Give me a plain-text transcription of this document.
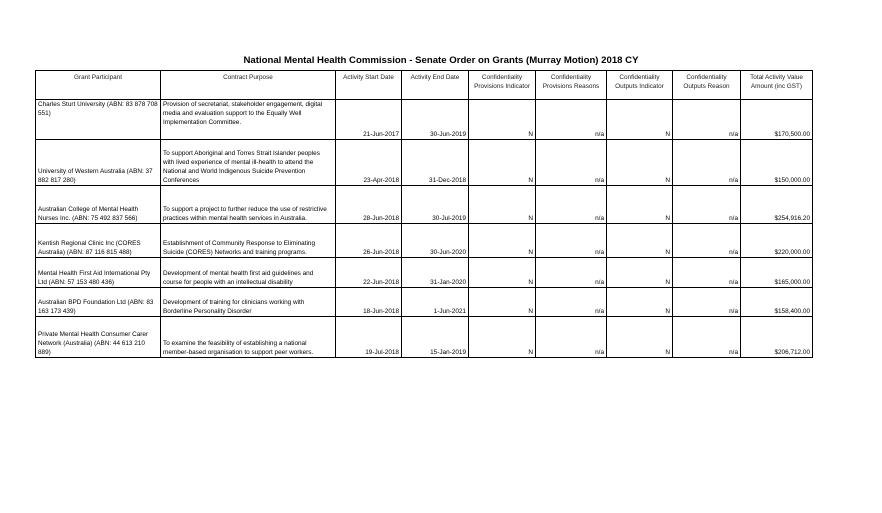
National Mental Health Commission - Senate Order on Grants (Murray Motion) 2018 CY
Grant Participant	Contract Purpose	Activity Start Date	Activity End Date	Confidentiality Provisions Indicator	Confidentiality Provisions Reasons	Confidentiality Outputs Indicator	Confidentiality Outputs Reason	Total Activity Value Amount (inc GST)
Charles Sturt University (ABN: 83 878 708 551)	Provision of secretariat, stakeholder engagement, digital media and evaluation support to the Equally Well Implementation Committee.	21-Jun-2017	30-Jun-2019	N	n/a	N	n/a	$170,500.00
University of Western Australia (ABN: 37 882 817 280)	To support Aboriginal and Torres Strait Islander peoples with lived experience of mental ill-health to attend the National and World Indigenous Suicide Prevention Conferences	23-Apr-2018	31-Dec-2018	N	n/a	N	n/a	$150,000.00
Australian College of Mental Health Nurses Inc. (ABN: 75 492 837 566)	To support a project to further reduce the use of restrictive practices within mental health services in Australia.	28-Jun-2018	30-Jul-2019	N	n/a	N	n/a	$254,916.20
Kentish Regional Clinic Inc (CORES Australia) (ABN: 87 116 815 488)	Establishment of Community Response to Eliminating Suicide (CORES) Networks and training programs.	26-Jun-2018	30-Jun-2020	N	n/a	N	n/a	$220,000.00
Mental Health First Aid International Pty Ltd (ABN: 57 153 480 436)	Development of mental health first aid guidelines and course for people with an intellectual disability	22-Jun-2018	31-Jan-2020	N	n/a	N	n/a	$165,000.00
Australian BPD Foundation Ltd (ABN: 83 163 173 439)	Development of training for clinicians working with Borderline Personality Disorder	18-Jun-2018	1-Jun-2021	N	n/a	N	n/a	$158,400.00
Private Mental Health Consumer Carer Network (Australia) (ABN: 44 613 210 889)	To examine the feasibility of establishing a national member-based organisation to support peer workers.	19-Jul-2018	15-Jan-2019	N	n/a	N	n/a	$206,712.00
